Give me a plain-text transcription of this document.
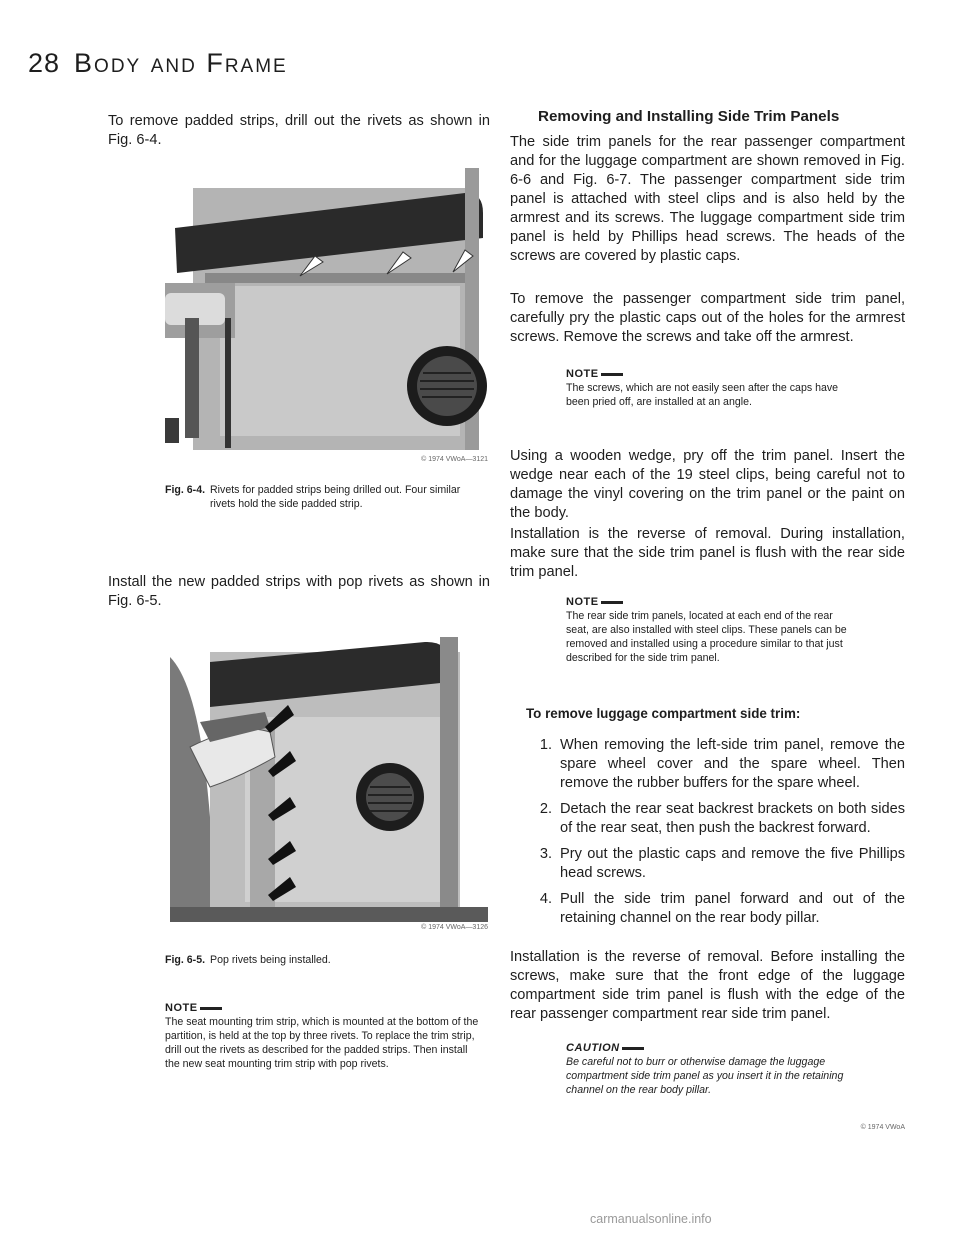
28 Body and Frame

To remove padded strips, drill out the rivets as shown in Fig. 6-4.

© 1974 VWoA—3121
Fig. 6-4. Rivets for padded strips being drilled out. Four similar rivets hold the side padded strip.

Install the new padded strips with pop rivets as shown in Fig. 6-5.

© 1974 VWoA—3126
Fig. 6-5. Pop rivets being installed.
NOTE

The seat mounting trim strip, which is mounted at the bottom of the partition, is held at the top by three rivets. To replace the trim strip, drill out the rivets as described for the padded strips. Then install the new seat mounting trim strip with pop rivets.

Removing and Installing Side Trim Panels

The side trim panels for the rear passenger compartment and for the luggage compartment are shown removed in Fig. 6-6 and Fig. 6-7. The passenger compartment side trim panel is attached with steel clips and is also held by the armrest and its screws. The luggage compartment side trim panel is held by Phillips head screws. The heads of the screws are covered by plastic caps.

To remove the passenger compartment side trim panel, carefully pry the plastic caps out of the holes for the armrest screws. Remove the screws and take off the armrest.

NOTE

The screws, which are not easily seen after the caps have been pried off, are installed at an angle.

Using a wooden wedge, pry off the trim panel. Insert the wedge near each of the 19 steel clips, being careful not to damage the vinyl covering on the trim panel or the paint on the body.

Installation is the reverse of removal. During installation, make sure that the side trim panel is flush with the rear side trim panel.

NOTE

The rear side trim panels, located at each end of the rear seat, are also installed with steel clips. These panels can be removed and installed using a procedure similar to that just described for the side trim panel.

To remove luggage compartment side trim:
1. When removing the left-side trim panel, remove the spare wheel cover and the spare wheel. Then remove the rubber buffers for the spare wheel.
2. Detach the rear seat backrest brackets on both sides of the rear seat, then push the backrest forward.
3. Pry out the plastic caps and remove the five Phillips head screws.
4. Pull the side trim panel forward and out of the retaining channel on the rear body pillar.

Installation is the reverse of removal. Before installing the screws, make sure that the front edge of the luggage compartment side trim panel is flush with the edge of the rear passenger compartment rear side trim panel.

CAUTION

Be careful not to burr or otherwise damage the luggage compartment side trim panel as you insert it in the retaining channel on the rear body pillar.

© 1974 VWoA
carmanualsonline.info
